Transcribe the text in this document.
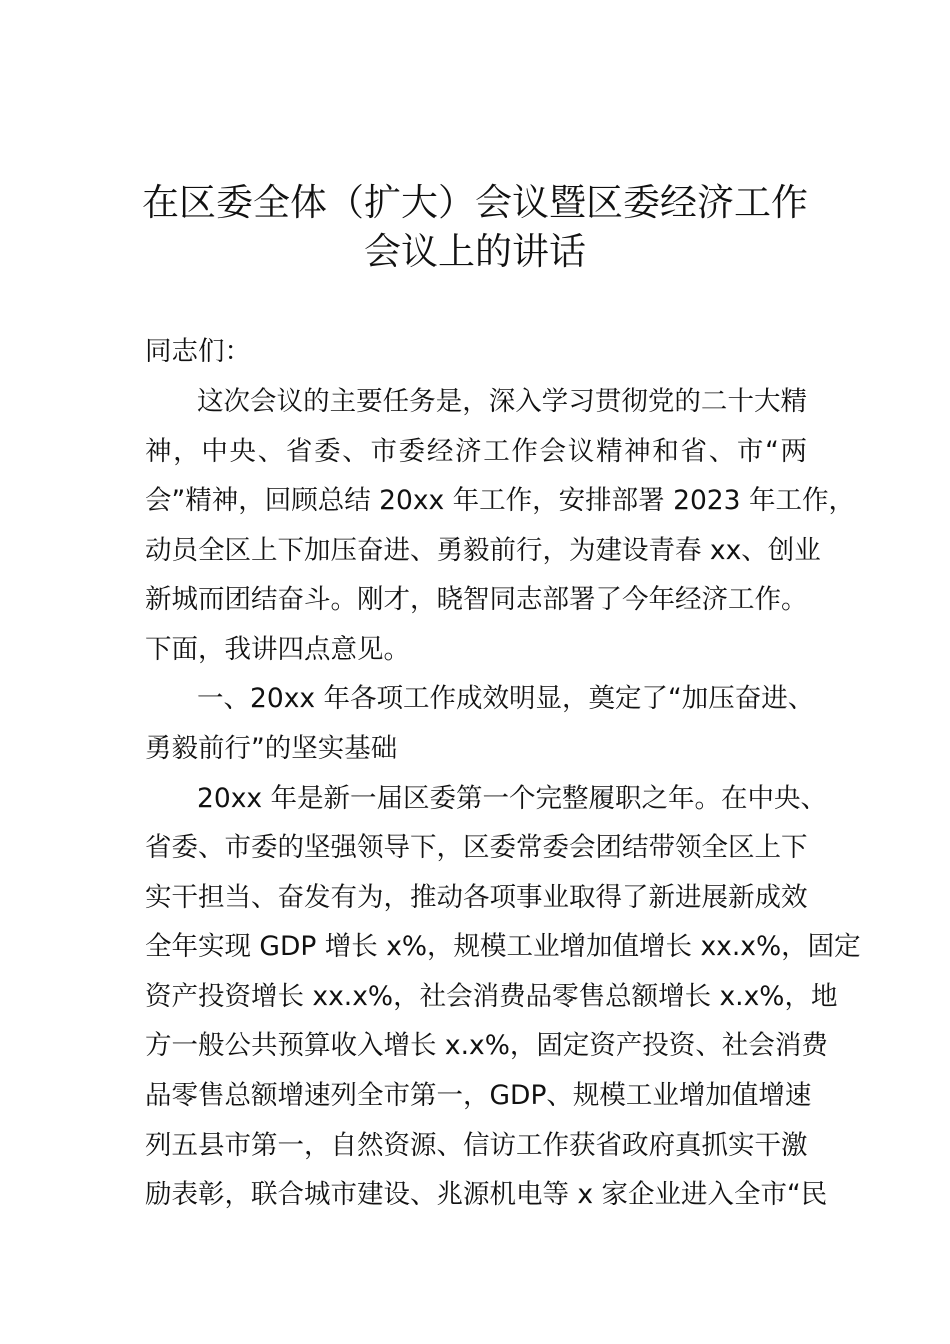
在区委全体（扩大）会议暨区委经济工作
会议上的讲话
同志们：
这次会议的主要任务是，深入学习贯彻党的二十大精
神，中央、省委、市委经济工作会议精神和省、市“两
会”精神，回顾总结 20xx 年工作，安排部署 2023 年工作，
动员全区上下加压奋进、勇毅前行，为建设青春 xx、创业
新城而团结奋斗。刚才，晓智同志部署了今年经济工作。
下面，我讲四点意见。
一、20xx 年各项工作成效明显，奠定了“加压奋进、
勇毅前行”的坚实基础
20xx 年是新一届区委第一个完整履职之年。在中央、
省委、市委的坚强领导下，区委常委会团结带领全区上下
实干担当、奋发有为，推动各项事业取得了新进展新成效
全年实现 GDP 增长 x%，规模工业增加值增长 xx.x%，固定
资产投资增长 xx.x%，社会消费品零售总额增长 x.x%，地
方一般公共预算收入增长 x.x%，固定资产投资、社会消费
品零售总额增速列全市第一，GDP、规模工业增加值增速
列五县市第一，自然资源、信访工作获省政府真抓实干激
励表彰，联合城市建设、兆源机电等 x 家企业进入全市“民
